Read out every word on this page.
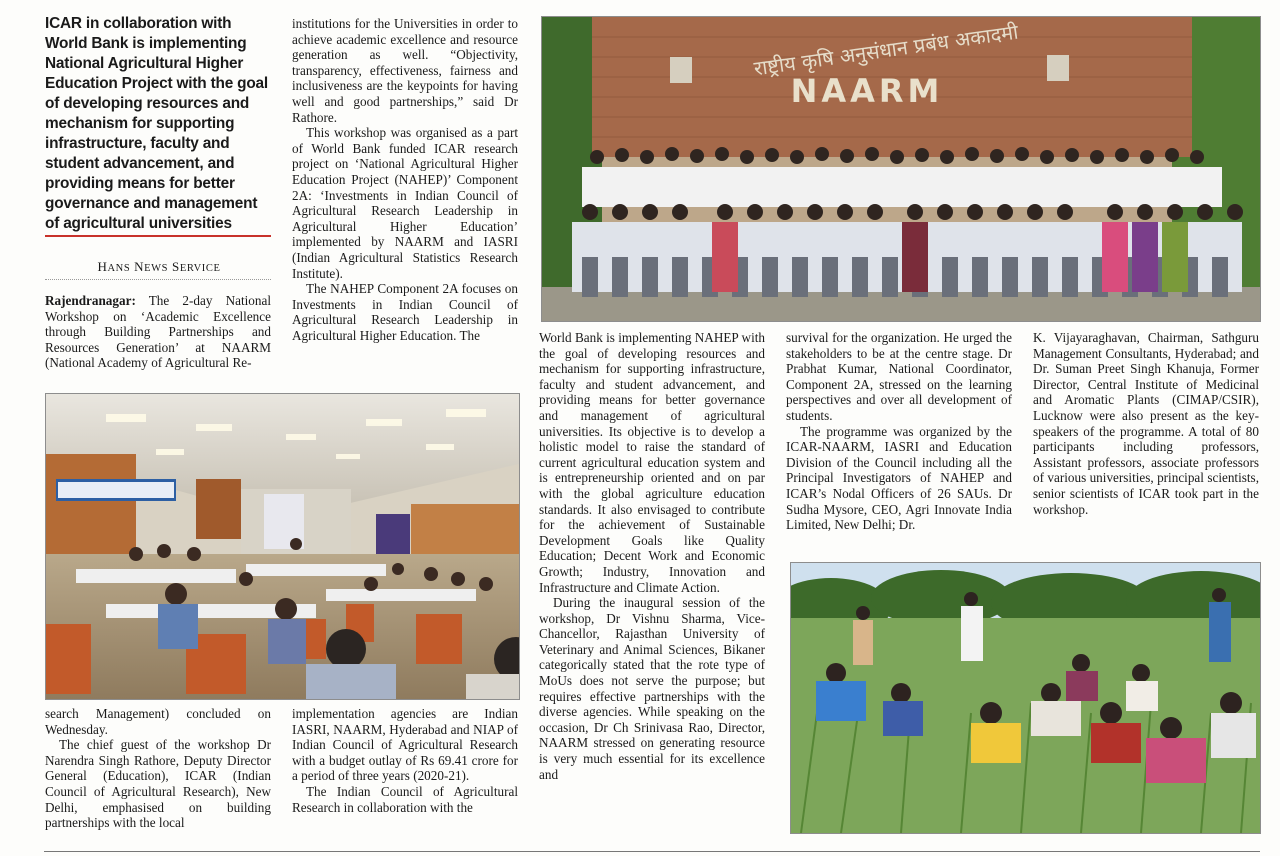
ICAR in collaboration with World Bank is implementing National Agricultural Higher Education Project with the goal of developing resources and mechanism for supporting infrastructure, faculty and student advancement, and providing means for better governance and management of agricultural universities
HANS NEWS SERVICE

Rajendranagar: The 2-day National Workshop on ‘Academic Excellence through Building Partnerships and Resources Generation’ at NAARM (National Academy of Agricultural Re-

institutions for the Universities in order to achieve academic excellence and resource generation as well. “Objectivity, transparency, effectiveness, fairness and inclusiveness are the keypoints for having well and good partnerships,” said Dr Rathore.

This workshop was organised as a part of World Bank funded ICAR research project on ‘National Agricultural Higher Education Project (NAHEP)’ Component 2A: ‘Investments in Indian Council of Agricultural Research Leadership in Agricultural Higher Education’ implemented by NAARM and IASRI (Indian Agricultural Statistics Research Institute).

The NAHEP Component 2A focuses on Investments in Indian Council of Agricultural Research Leadership in Agricultural Higher Education. The

search Management) concluded on Wednesday.

The chief guest of the workshop Dr Narendra Singh Rathore, Deputy Director General (Education), ICAR (Indian Council of Agricultural Research), New Delhi, emphasised on building partnerships with the local

implementation agencies are Indian IASRI, NAARM, Hyderabad and NIAP of Indian Council of Agricultural Research with a budget outlay of Rs 69.41 crore for a period of three years (2020-21).

The Indian Council of Agricultural Research in collaboration with the

राष्ट्रीय कृषि अनुसंधान प्रबंध अकादमी
NAARM

World Bank is implementing NAHEP with the goal of developing resources and mechanism for supporting infrastructure, faculty and student advancement, and providing means for better governance and management of agricultural universities. Its objective is to develop a holistic model to raise the standard of current agricultural education system and is entrepreneurship oriented and on par with the global agriculture education standards. It also envisaged to contribute for the achievement of Sustainable Development Goals like Quality Education; Decent Work and Economic Growth; Industry, Innovation and Infrastructure and Climate Action.

During the inaugural session of the workshop, Dr Vishnu Sharma, Vice-Chancellor, Rajasthan University of Veterinary and Animal Sciences, Bikaner categorically stated that the rote type of MoUs does not serve the purpose; but requires effective partnerships with the diverse agencies. While speaking on the occasion, Dr Ch Srinivasa Rao, Director, NAARM stressed on generating resource is very much essential for its excellence and

survival for the organization. He urged the stakeholders to be at the centre stage. Dr Prabhat Kumar, National Coordinator, Component 2A, stressed on the learning perspectives and over all development of students.

The programme was organized by the ICAR-NAARM, IASRI and Education Division of the Council including all the Principal Investigators of NAHEP and ICAR’s Nodal Officers of 26 SAUs. Dr Sudha Mysore, CEO, Agri Innovate India Limited, New Delhi; Dr.

K. Vijayaraghavan, Chairman, Sathguru Management Consultants, Hyderabad; and Dr. Suman Preet Singh Khanuja, Former Director, Central Institute of Medicinal and Aromatic Plants (CIMAP/CSIR), Lucknow were also present as the key-speakers of the programme. A total of 80 participants including professors, Assistant professors, associate professors of various universities, principal scientists, senior scientists of ICAR took part in the workshop.
